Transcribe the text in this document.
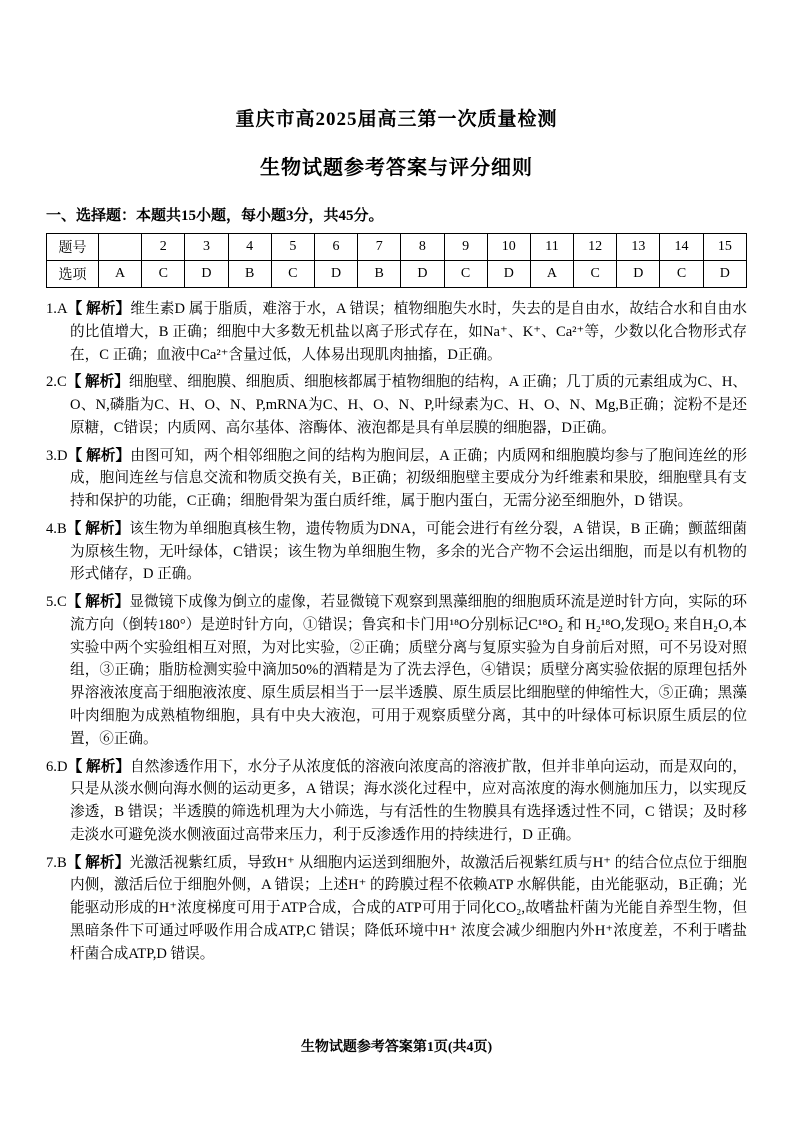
重庆市高2025届高三第一次质量检测
生物试题参考答案与评分细则
一、选择题：本题共15小题，每小题3分，共45分。
题号		2	3	4	5	6	7	8	9	10	11	12	13	14	15
选项	A	C	D	B	C	D	B	D	C	D	A	C	D	C	D
1.A【 解析】维生素D 属于脂质，难溶于水，A 错误；植物细胞失水时，失去的是自由水，故结合水和自由水的比值增大，B 正确；细胞中大多数无机盐以离子形式存在，如Na⁺、K⁺、Ca²⁺等，少数以化合物形式存在，C 正确；血液中Ca²⁺含量过低，人体易出现肌肉抽搐，D正确。
2.C【 解析】细胞壁、细胞膜、细胞质、细胞核都属于植物细胞的结构，A 正确；几丁质的元素组成为C、H、O、N,磷脂为C、H、O、N、P,mRNA为C、H、O、N、P,叶绿素为C、H、O、N、Mg,B正确；淀粉不是还原糖，C错误；内质网、高尔基体、溶酶体、液泡都是具有单层膜的细胞器，D正确。
3.D【 解析】由图可知，两个相邻细胞之间的结构为胞间层，A 正确；内质网和细胞膜均参与了胞间连丝的形成，胞间连丝与信息交流和物质交换有关，B正确；初级细胞壁主要成分为纤维素和果胶，细胞壁具有支持和保护的功能，C正确；细胞骨架为蛋白质纤维，属于胞内蛋白，无需分泌至细胞外，D 错误。
4.B【 解析】该生物为单细胞真核生物，遗传物质为DNA，可能会进行有丝分裂，A 错误，B 正确；颤蓝细菌为原核生物，无叶绿体，C错误；该生物为单细胞生物，多余的光合产物不会运出细胞，而是以有机物的形式储存，D 正确。
5.C【 解析】显微镜下成像为倒立的虚像，若显微镜下观察到黑藻细胞的细胞质环流是逆时针方向，实际的环流方向（倒转180°）是逆时针方向，①错误；鲁宾和卡门用¹⁸O分别标记C¹⁸O₂ 和 H₂¹⁸O,发现O₂ 来自H₂O,本实验中两个实验组相互对照，为对比实验，②正确；质壁分离与复原实验为自身前后对照，可不另设对照组，③正确；脂肪检测实验中滴加50%的酒精是为了洗去浮色，④错误；质壁分离实验依据的原理包括外界溶液浓度高于细胞液浓度、原生质层相当于一层半透膜、原生质层比细胞壁的伸缩性大，⑤正确；黑藻叶肉细胞为成熟植物细胞，具有中央大液泡，可用于观察质壁分离，其中的叶绿体可标识原生质层的位置，⑥正确。
6.D【 解析】自然渗透作用下，水分子从浓度低的溶液向浓度高的溶液扩散，但并非单向运动，而是双向的，只是从淡水侧向海水侧的运动更多，A 错误；海水淡化过程中，应对高浓度的海水侧施加压力，以实现反渗透，B 错误；半透膜的筛选机理为大小筛选，与有活性的生物膜具有选择透过性不同，C 错误；及时移走淡水可避免淡水侧液面过高带来压力，利于反渗透作用的持续进行，D 正确。
7.B【 解析】光激活视紫红质，导致H⁺ 从细胞内运送到细胞外，故激活后视紫红质与H⁺ 的结合位点位于细胞内侧，激活后位于细胞外侧，A 错误；上述H⁺ 的跨膜过程不依赖ATP 水解供能，由光能驱动，B正确；光能驱动形成的H⁺浓度梯度可用于ATP合成，合成的ATP可用于同化CO₂,故嗜盐杆菌为光能自养型生物，但黑暗条件下可通过呼吸作用合成ATP,C 错误；降低环境中H⁺ 浓度会减少细胞内外H⁺浓度差，不利于嗜盐杆菌合成ATP,D 错误。
生物试题参考答案第1页(共4页)
